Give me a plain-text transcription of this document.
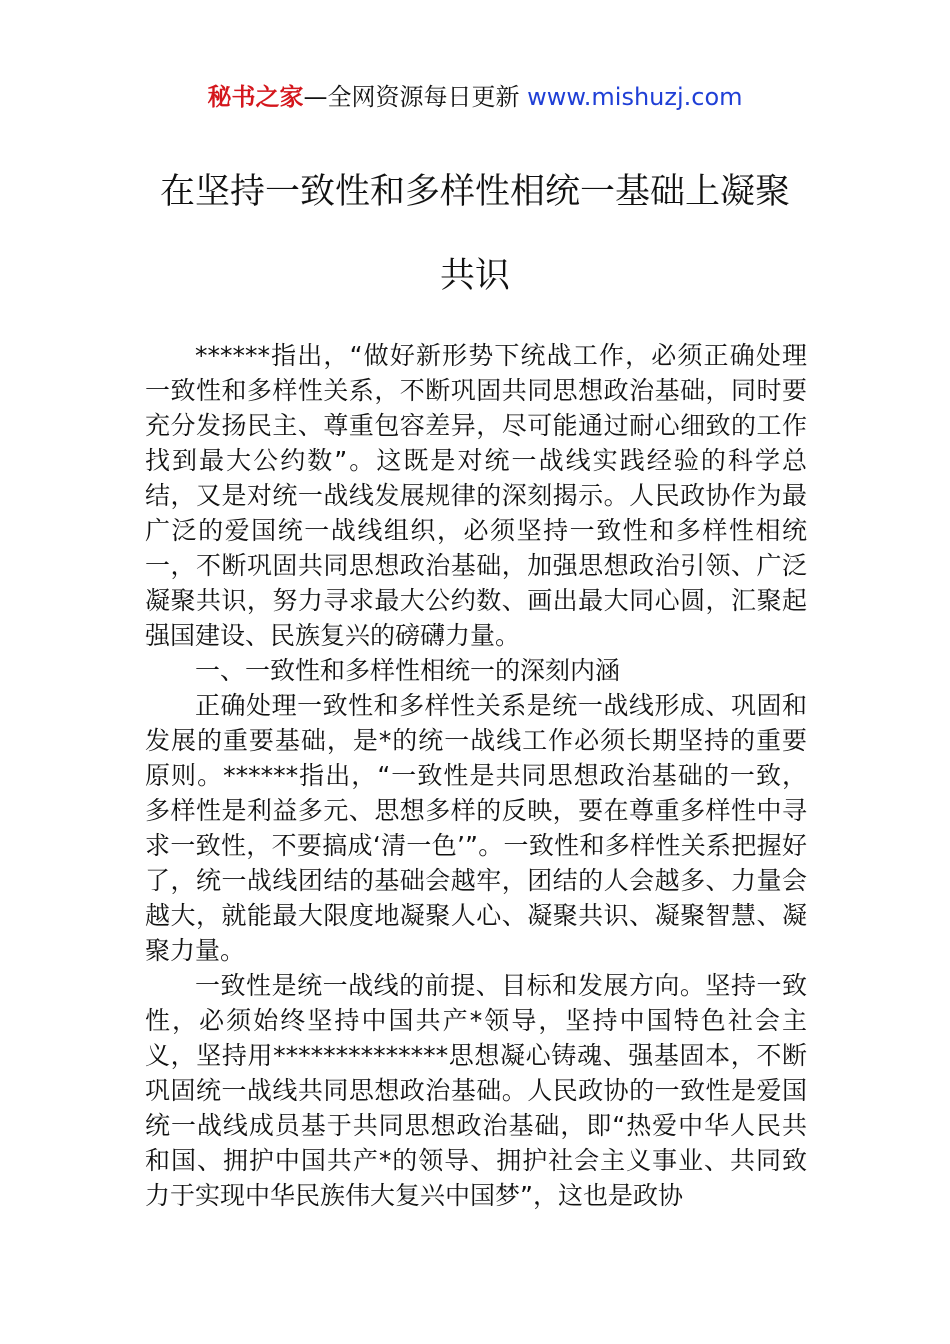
秘书之家—全网资源每日更新 www.mishuzj.com
在坚持一致性和多样性相统一基础上凝聚共识

******指出，“做好新形势下统战工作，必须正确处理一致性和多样性关系，不断巩固共同思想政治基础，同时要充分发扬民主、尊重包容差异，尽可能通过耐心细致的工作找到最大公约数”。这既是对统一战线实践经验的科学总结，又是对统一战线发展规律的深刻揭示。人民政协作为最广泛的爱国统一战线组织，必须坚持一致性和多样性相统一，不断巩固共同思想政治基础，加强思想政治引领、广泛凝聚共识，努力寻求最大公约数、画出最大同心圆，汇聚起强国建设、民族复兴的磅礴力量。

一、一致性和多样性相统一的深刻内涵

正确处理一致性和多样性关系是统一战线形成、巩固和发展的重要基础，是*的统一战线工作必须长期坚持的重要原则。******指出，“一致性是共同思想政治基础的一致，多样性是利益多元、思想多样的反映，要在尊重多样性中寻求一致性，不要搞成‘清一色’”。一致性和多样性关系把握好了，统一战线团结的基础会越牢，团结的人会越多、力量会越大，就能最大限度地凝聚人心、凝聚共识、凝聚智慧、凝聚力量。

一致性是统一战线的前提、目标和发展方向。坚持一致性，必须始终坚持中国共产*领导，坚持中国特色社会主义，坚持用**************思想凝心铸魂、强基固本，不断巩固统一战线共同思想政治基础。人民政协的一致性是爱国统一战线成员基于共同思想政治基础，即“热爱中华人民共和国、拥护中国共产*的领导、拥护社会主义事业、共同致力于实现中华民族伟大复兴中国梦”，这也是政协
